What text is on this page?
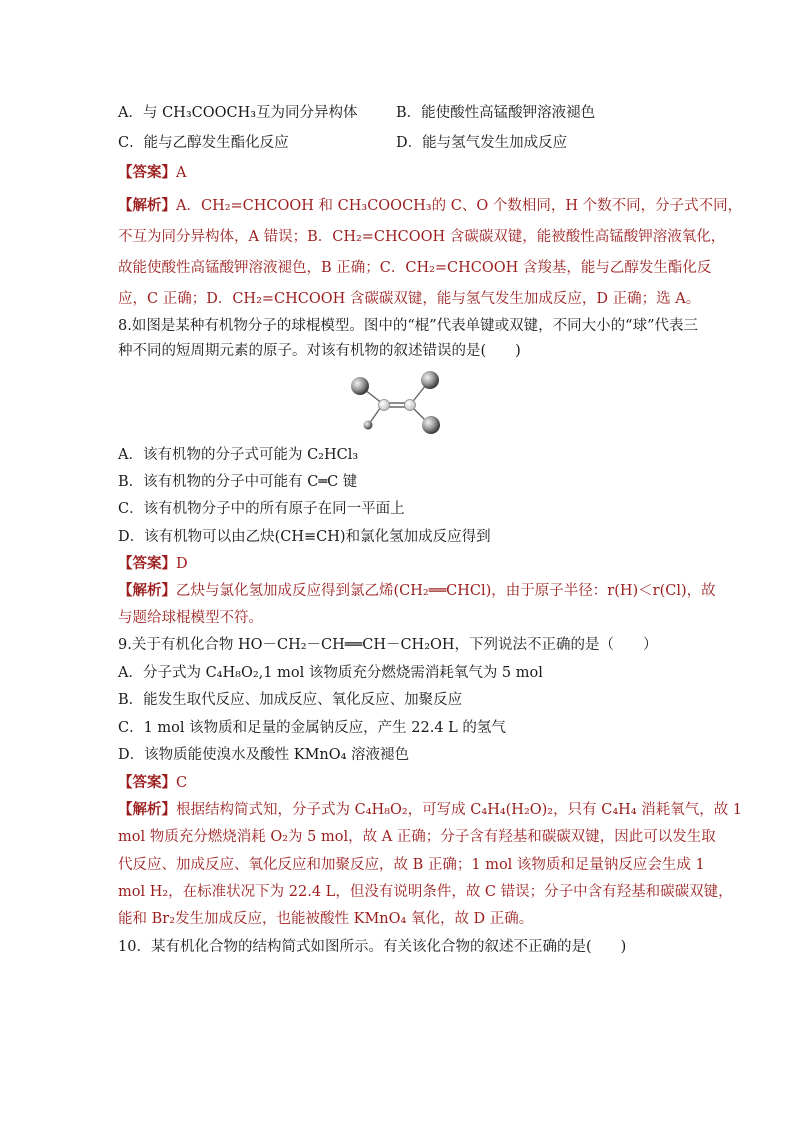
A．与 CH₃COOCH₃互为同分异构体	B．能使酸性高锰酸钾溶液褪色
C．能与乙醇发生酯化反应	D．能与氢气发生加成反应
【答案】A
【解析】A．CH₂=CHCOOH 和 CH₃COOCH₃的 C、O 个数相同，H 个数不同，分子式不同，
不互为同分异构体，A 错误；B．CH₂=CHCOOH 含碳碳双键，能被酸性高锰酸钾溶液氧化，
故能使酸性高锰酸钾溶液褪色，B 正确；C．CH₂=CHCOOH 含羧基，能与乙醇发生酯化反
应，C 正确；D．CH₂=CHCOOH 含碳碳双键，能与氢气发生加成反应，D 正确；选 A。
8.如图是某种有机物分子的球棍模型。图中的“棍”代表单键或双键，不同大小的“球”代表三
种不同的短周期元素的原子。对该有机物的叙述错误的是(　　)
A．该有机物的分子式可能为 C₂HCl₃
B．该有机物的分子中可能有 C═C 键
C．该有机物分子中的所有原子在同一平面上
D．该有机物可以由乙炔(CH≡CH)和氯化氢加成反应得到
【答案】D
【解析】乙炔与氯化氢加成反应得到氯乙烯(CH₂══CHCl)，由于原子半径：r(H)＜r(Cl)，故
与题给球棍模型不符。
9.关于有机化合物 HO－CH₂－CH══CH－CH₂OH，下列说法不正确的是（　　）
A．分子式为 C₄H₈O₂,1 mol 该物质充分燃烧需消耗氧气为 5 mol
B．能发生取代反应、加成反应、氧化反应、加聚反应
C．1 mol 该物质和足量的金属钠反应，产生 22.4 L 的氢气
D．该物质能使溴水及酸性 KMnO₄ 溶液褪色
【答案】C
【解析】根据结构简式知，分子式为 C₄H₈O₂，可写成 C₄H₄(H₂O)₂，只有 C₄H₄ 消耗氧气，故 1
mol 物质充分燃烧消耗 O₂为 5 mol，故 A 正确；分子含有羟基和碳碳双键，因此可以发生取
代反应、加成反应、氧化反应和加聚反应，故 B 正确；1 mol 该物质和足量钠反应会生成 1
mol H₂，在标准状况下为 22.4 L，但没有说明条件，故 C 错误；分子中含有羟基和碳碳双键，
能和 Br₂发生加成反应，也能被酸性 KMnO₄ 氧化，故 D 正确。
10．某有机化合物的结构简式如图所示。有关该化合物的叙述不正确的是(　　)
